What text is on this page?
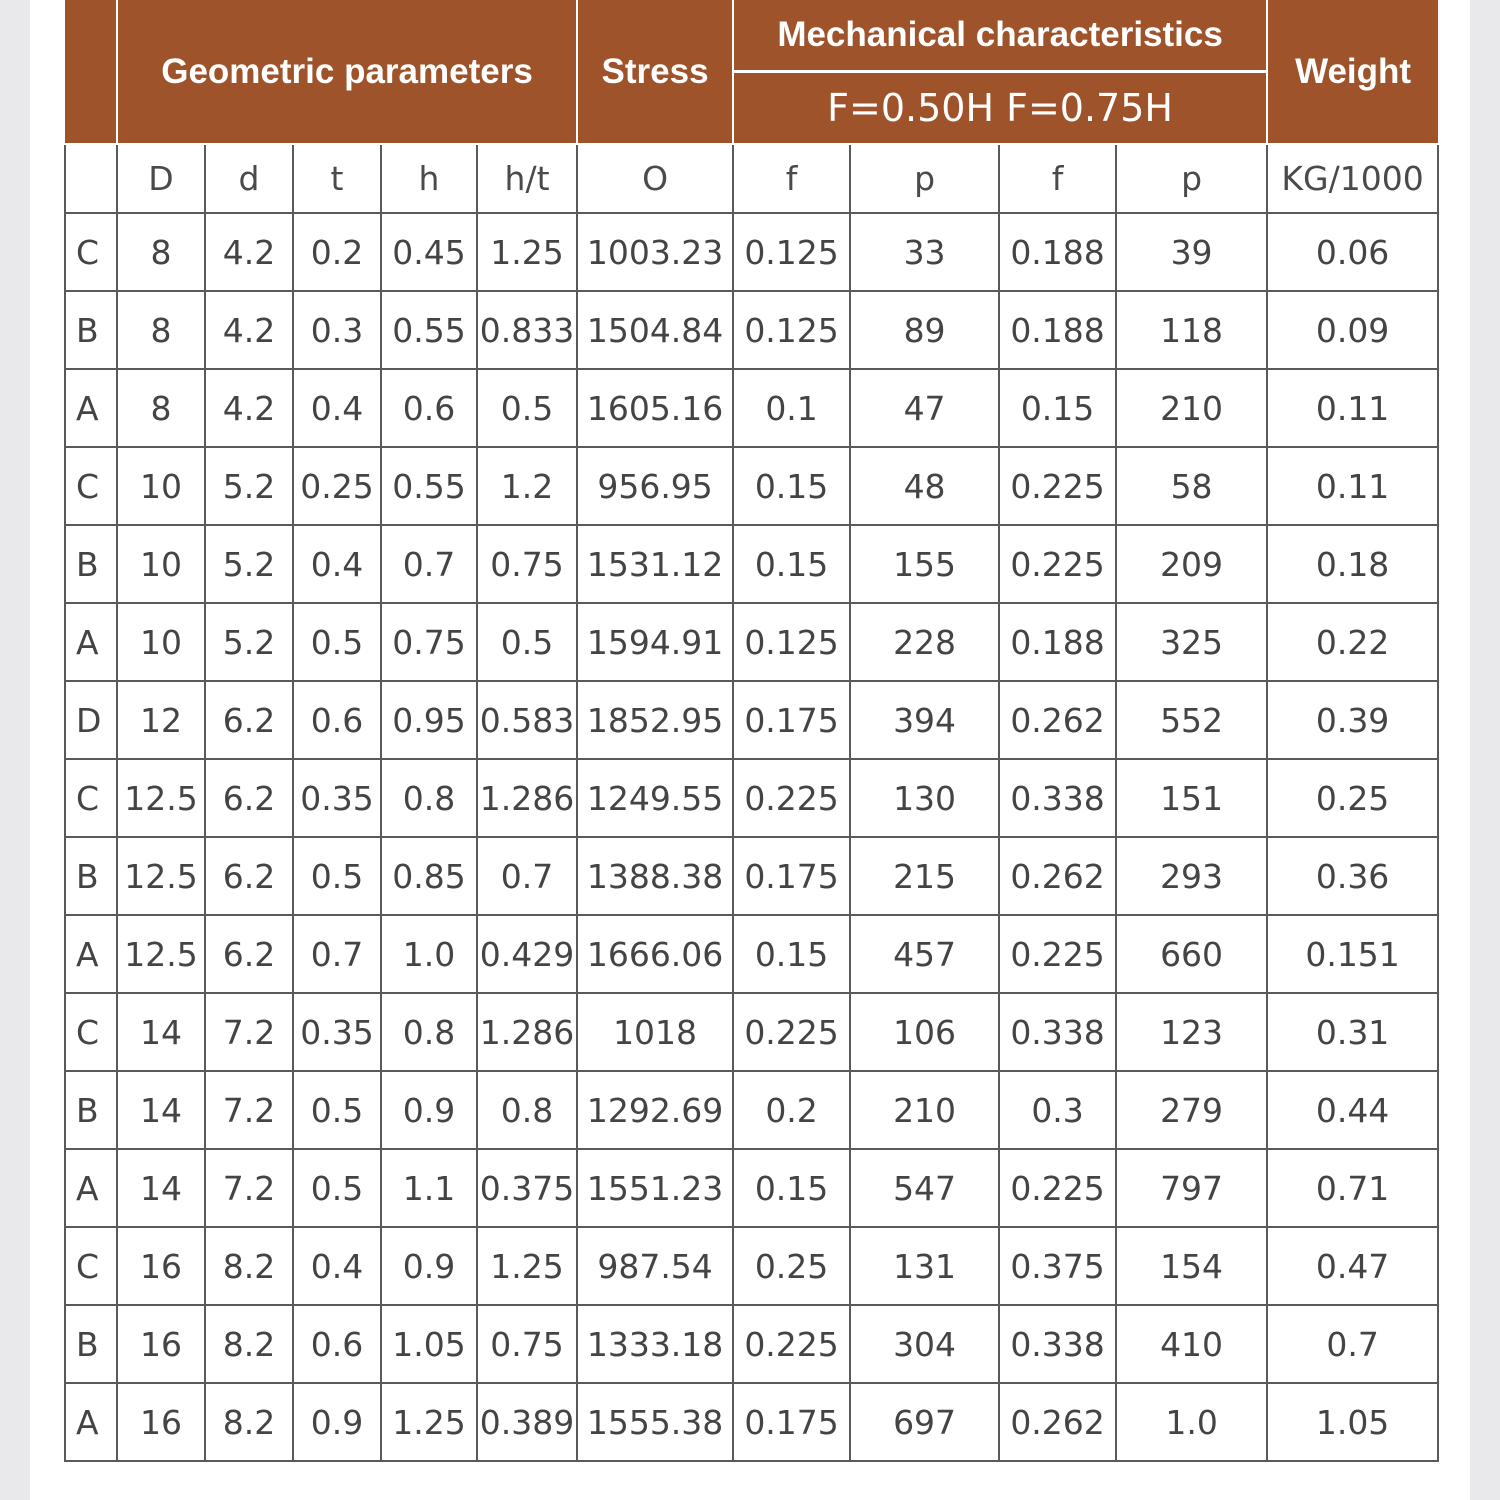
	Geometric parameters					Stress	Mechanical characteristics				Weight
							F=0.50H F=0.75H				
	D	d	t	h	h/t	O	f	p	f	p	KG/1000
C	8	4.2	0.2	0.45	1.25	1003.23	0.125	33	0.188	39	0.06
B	8	4.2	0.3	0.55	0.833	1504.84	0.125	89	0.188	118	0.09
A	8	4.2	0.4	0.6	0.5	1605.16	0.1	47	0.15	210	0.11
C	10	5.2	0.25	0.55	1.2	956.95	0.15	48	0.225	58	0.11
B	10	5.2	0.4	0.7	0.75	1531.12	0.15	155	0.225	209	0.18
A	10	5.2	0.5	0.75	0.5	1594.91	0.125	228	0.188	325	0.22
D	12	6.2	0.6	0.95	0.583	1852.95	0.175	394	0.262	552	0.39
C	12.5	6.2	0.35	0.8	1.286	1249.55	0.225	130	0.338	151	0.25
B	12.5	6.2	0.5	0.85	0.7	1388.38	0.175	215	0.262	293	0.36
A	12.5	6.2	0.7	1.0	0.429	1666.06	0.15	457	0.225	660	0.151
C	14	7.2	0.35	0.8	1.286	1018	0.225	106	0.338	123	0.31
B	14	7.2	0.5	0.9	0.8	1292.69	0.2	210	0.3	279	0.44
A	14	7.2	0.5	1.1	0.375	1551.23	0.15	547	0.225	797	0.71
C	16	8.2	0.4	0.9	1.25	987.54	0.25	131	0.375	154	0.47
B	16	8.2	0.6	1.05	0.75	1333.18	0.225	304	0.338	410	0.7
A	16	8.2	0.9	1.25	0.389	1555.38	0.175	697	0.262	1.0	1.05
